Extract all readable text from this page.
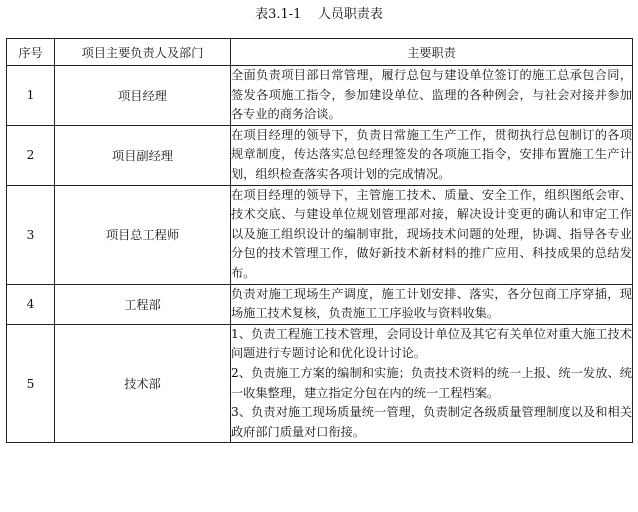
表3.1-1    人员职责表
序号	项目主要负责人及部门	主要职责
1	项目经理	全面负责项目部日常管理，履行总包与建设单位签订的施工总承包合同，签发各项施工指令，参加建设单位、监理的各种例会，与社会对接并参加各专业的商务洽谈。
2	项目副经理	在项目经理的领导下，负责日常施工生产工作，贯彻执行总包制订的各项规章制度，传达落实总包经理签发的各项施工指令，安排布置施工生产计划，组织检查落实各项计划的完成情况。
3	项目总工程师	在项目经理的领导下，主管施工技术、质量、安全工作，组织图纸会审、技术交底、与建设单位规划管理部对接，解决设计变更的确认和审定工作以及施工组织设计的编制审批，现场技术问题的处理，协调、指导各专业分包的技术管理工作，做好新技术新材料的推广应用、科技成果的总结发布。
4	工程部	负责对施工现场生产调度，施工计划安排、落实，各分包商工序穿插，现场施工技术复核，负责施工工序验收与资料收集。
5	技术部	1、负责工程施工技术管理，会同设计单位及其它有关单位对重大施工技术问题进行专题讨论和优化设计讨论。
2、负责施工方案的编制和实施；负责技术资料的统一上报、统一发放、统一收集整理，建立指定分包在内的统一工程档案。
3、负责对施工现场质量统一管理，负责制定各级质量管理制度以及和相关政府部门质量对口衔接。
